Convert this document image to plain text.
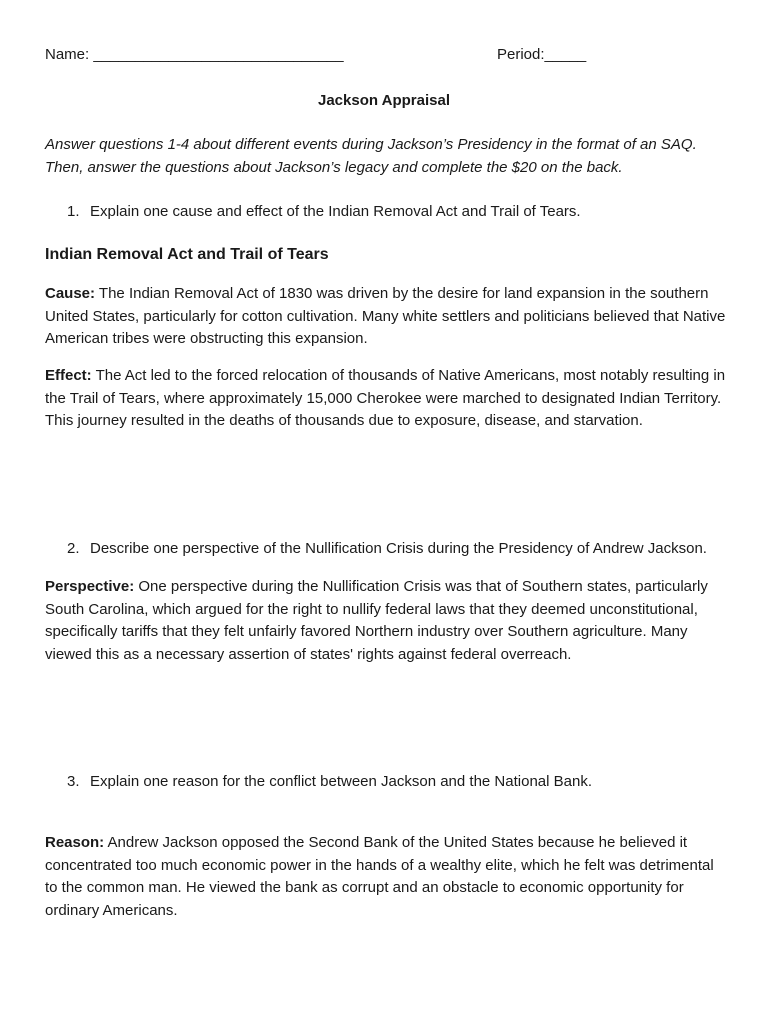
Name: ______________________________	Period:_____
Jackson Appraisal
Answer questions 1-4 about different events during Jackson’s Presidency in the format of an SAQ. Then, answer the questions about Jackson’s legacy and complete the $20 on the back.
1. Explain one cause and effect of the Indian Removal Act and Trail of Tears.
Indian Removal Act and Trail of Tears
Cause: The Indian Removal Act of 1830 was driven by the desire for land expansion in the southern United States, particularly for cotton cultivation. Many white settlers and politicians believed that Native American tribes were obstructing this expansion.
Effect: The Act led to the forced relocation of thousands of Native Americans, most notably resulting in the Trail of Tears, where approximately 15,000 Cherokee were marched to designated Indian Territory. This journey resulted in the deaths of thousands due to exposure, disease, and starvation.
2. Describe one perspective of the Nullification Crisis during the Presidency of Andrew Jackson.
Perspective: One perspective during the Nullification Crisis was that of Southern states, particularly South Carolina, which argued for the right to nullify federal laws that they deemed unconstitutional, specifically tariffs that they felt unfairly favored Northern industry over Southern agriculture. Many viewed this as a necessary assertion of states' rights against federal overreach.
3. Explain one reason for the conflict between Jackson and the National Bank.
Reason: Andrew Jackson opposed the Second Bank of the United States because he believed it concentrated too much economic power in the hands of a wealthy elite, which he felt was detrimental to the common man. He viewed the bank as corrupt and an obstacle to economic opportunity for ordinary Americans.
